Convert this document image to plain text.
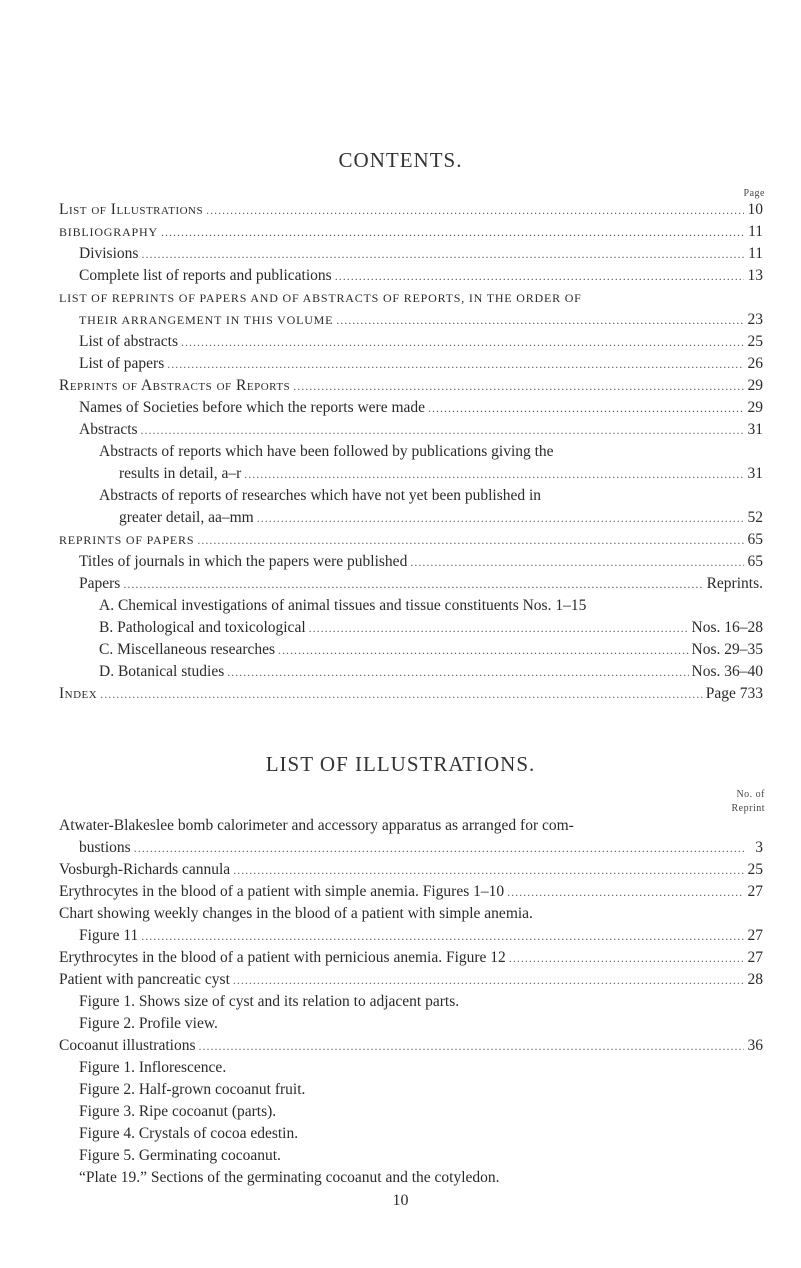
CONTENTS.
Page
List of Illustrations .....	10
BIBLIOGRAPHY .....	11
Divisions .....	11
Complete list of reports and publications .....	13
LIST OF REPRINTS OF PAPERS AND OF ABSTRACTS OF REPORTS, IN THE ORDER OF
THEIR ARRANGEMENT IN THIS VOLUME .....	23
List of abstracts .....	25
List of papers .....	26
Reprints of Abstracts of Reports .....	29
Names of Societies before which the reports were made .....	29
Abstracts .....	31
Abstracts of reports which have been followed by publications giving the
results in detail, a–r .....	31
Abstracts of reports of researches which have not yet been published in
greater detail, aa–mm .....	52
REPRINTS OF PAPERS .....	65
Titles of journals in which the papers were published .....	65
Papers .....	Reprints.
A. Chemical investigations of animal tissues and tissue constituents Nos. 1–15
B. Pathological and toxicological .....	Nos. 16–28
C. Miscellaneous researches .....	Nos. 29–35
D. Botanical studies .....	Nos. 36–40
Index .....	Page 733
LIST OF ILLUSTRATIONS.
No. of
Reprint
Atwater-Blakeslee bomb calorimeter and accessory apparatus as arranged for com-
bustions .....	3
Vosburgh-Richards cannula .....	25
Erythrocytes in the blood of a patient with simple anemia. Figures 1–10 .....	27
Chart showing weekly changes in the blood of a patient with simple anemia.
Figure 11 .....	27
Erythrocytes in the blood of a patient with pernicious anemia. Figure 12 .....	27
Patient with pancreatic cyst .....	28
Figure 1. Shows size of cyst and its relation to adjacent parts.
Figure 2. Profile view.
Cocoanut illustrations .....	36
Figure 1. Inflorescence.
Figure 2. Half-grown cocoanut fruit.
Figure 3. Ripe cocoanut (parts).
Figure 4. Crystals of cocoa edestin.
Figure 5. Germinating cocoanut.
“Plate 19.” Sections of the germinating cocoanut and the cotyledon.
10
